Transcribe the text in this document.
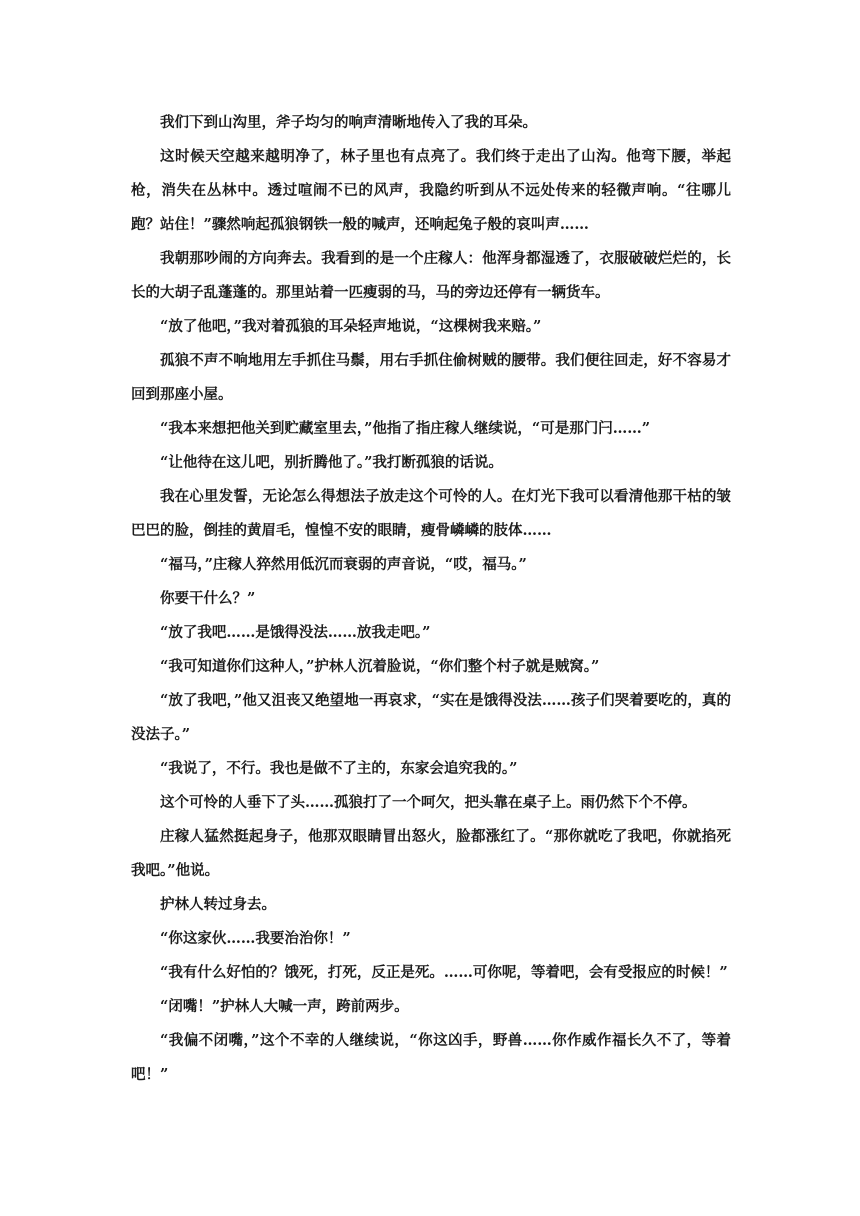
我们下到山沟里，斧子均匀的响声清晰地传入了我的耳朵。

这时候天空越来越明净了，林子里也有点亮了。我们终于走出了山沟。他弯下腰，举起枪，消失在丛林中。透过喧闹不已的风声，我隐约听到从不远处传来的轻微声响。“往哪儿跑？站住！”骤然响起孤狼钢铁一般的喊声，还响起兔子般的哀叫声……

我朝那吵闹的方向奔去。我看到的是一个庄稼人：他浑身都湿透了，衣服破破烂烂的，长长的大胡子乱蓬蓬的。那里站着一匹瘦弱的马，马的旁边还停有一辆货车。

“放了他吧，”我对着孤狼的耳朵轻声地说，“这棵树我来赔。”

孤狼不声不响地用左手抓住马鬃，用右手抓住偷树贼的腰带。我们便往回走，好不容易才回到那座小屋。

“我本来想把他关到贮藏室里去，”他指了指庄稼人继续说，“可是那门闩……”

“让他待在这儿吧，别折腾他了。”我打断孤狼的话说。

我在心里发誓，无论怎么得想法子放走这个可怜的人。在灯光下我可以看清他那干枯的皱巴巴的脸，倒挂的黄眉毛，惶惶不安的眼睛，瘦骨嶙嶙的肢体……

“福马，”庄稼人猝然用低沉而衰弱的声音说，“哎，福马。”

你要干什么？”

“放了我吧……是饿得没法……放我走吧。”

“我可知道你们这种人，”护林人沉着脸说，“你们整个村子就是贼窝。”

“放了我吧，”他又沮丧又绝望地一再哀求，“实在是饿得没法……孩子们哭着要吃的，真的没法子。”

“我说了，不行。我也是做不了主的，东家会追究我的。”

这个可怜的人垂下了头……孤狼打了一个呵欠，把头靠在桌子上。雨仍然下个不停。

庄稼人猛然挺起身子，他那双眼睛冒出怒火，脸都涨红了。“那你就吃了我吧，你就掐死我吧。”他说。

护林人转过身去。

“你这家伙……我要治治你！”

“我有什么好怕的？饿死，打死，反正是死。……可你呢，等着吧，会有受报应的时候！”

“闭嘴！”护林人大喊一声，跨前两步。

“我偏不闭嘴，”这个不幸的人继续说，“你这凶手，野兽……你作威作福长久不了，等着吧！”
